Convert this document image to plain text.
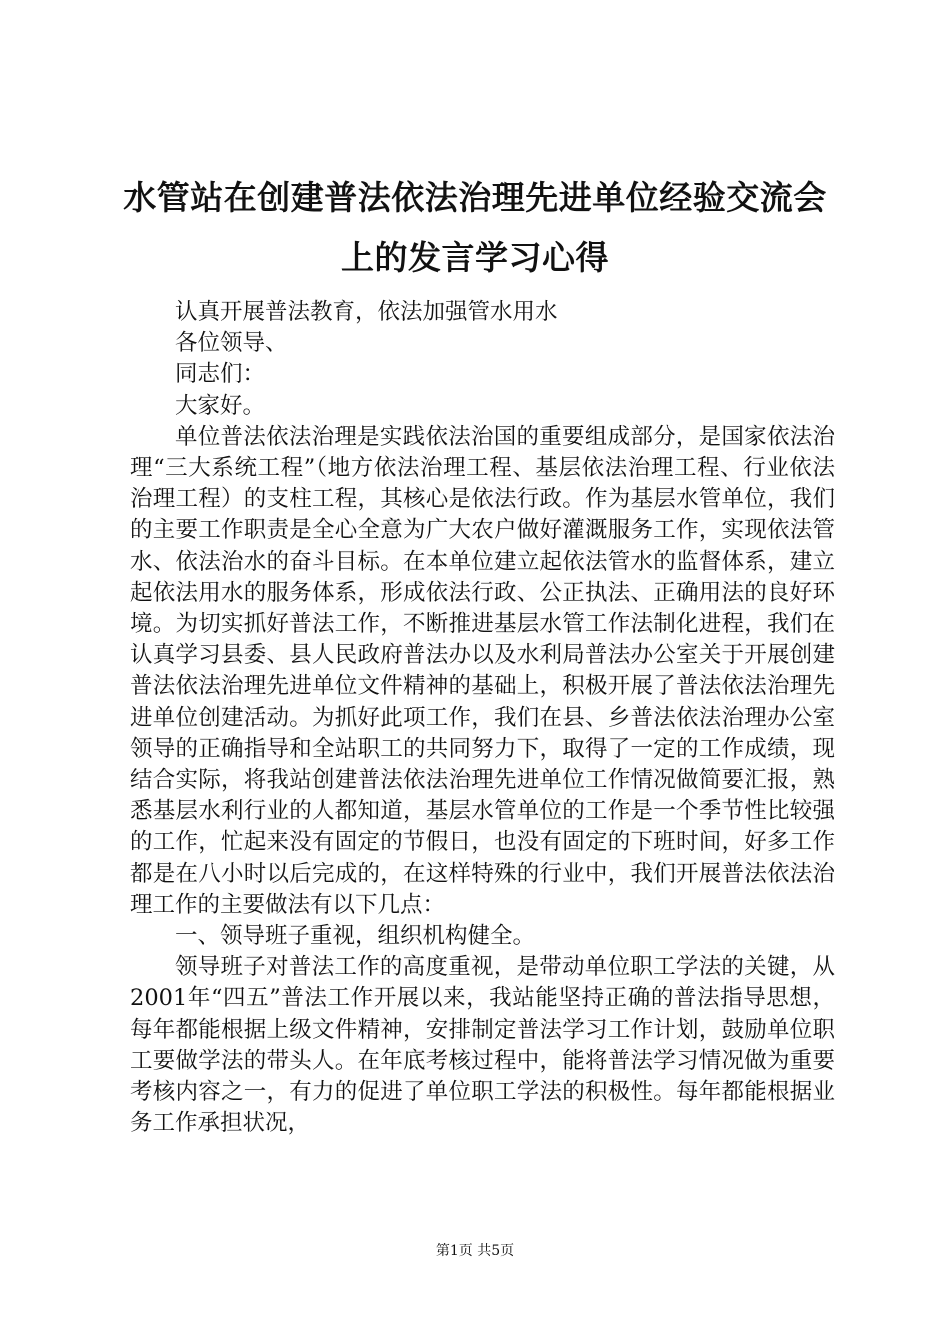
水管站在创建普法依法治理先进单位经验交流会上的发言学习心得

认真开展普法教育，依法加强管水用水

各位领导、

同志们：

大家好。

单位普法依法治理是实践依法治国的重要组成部分，是国家依法治理“三大系统工程”（地方依法治理工程、基层依法治理工程、行业依法治理工程）的支柱工程，其核心是依法行政。作为基层水管单位，我们的主要工作职责是全心全意为广大农户做好灌溉服务工作，实现依法管水、依法治水的奋斗目标。在本单位建立起依法管水的监督体系，建立起依法用水的服务体系，形成依法行政、公正执法、正确用法的良好环境。为切实抓好普法工作，不断推进基层水管工作法制化进程，我们在认真学习县委、县人民政府普法办以及水利局普法办公室关于开展创建普法依法治理先进单位文件精神的基础上，积极开展了普法依法治理先进单位创建活动。为抓好此项工作，我们在县、乡普法依法治理办公室领导的正确指导和全站职工的共同努力下，取得了一定的工作成绩，现结合实际，将我站创建普法依法治理先进单位工作情况做简要汇报，熟悉基层水利行业的人都知道，基层水管单位的工作是一个季节性比较强的工作，忙起来没有固定的节假日，也没有固定的下班时间，好多工作都是在八小时以后完成的，在这样特殊的行业中，我们开展普法依法治理工作的主要做法有以下几点：

一、领导班子重视，组织机构健全。

领导班子对普法工作的高度重视，是带动单位职工学法的关键，从2001年“四五”普法工作开展以来，我站能坚持正确的普法指导思想，每年都能根据上级文件精神，安排制定普法学习工作计划，鼓励单位职工要做学法的带头人。在年底考核过程中，能将普法学习情况做为重要考核内容之一，有力的促进了单位职工学法的积极性。每年都能根据业务工作承担状况，

第1页 共5页
